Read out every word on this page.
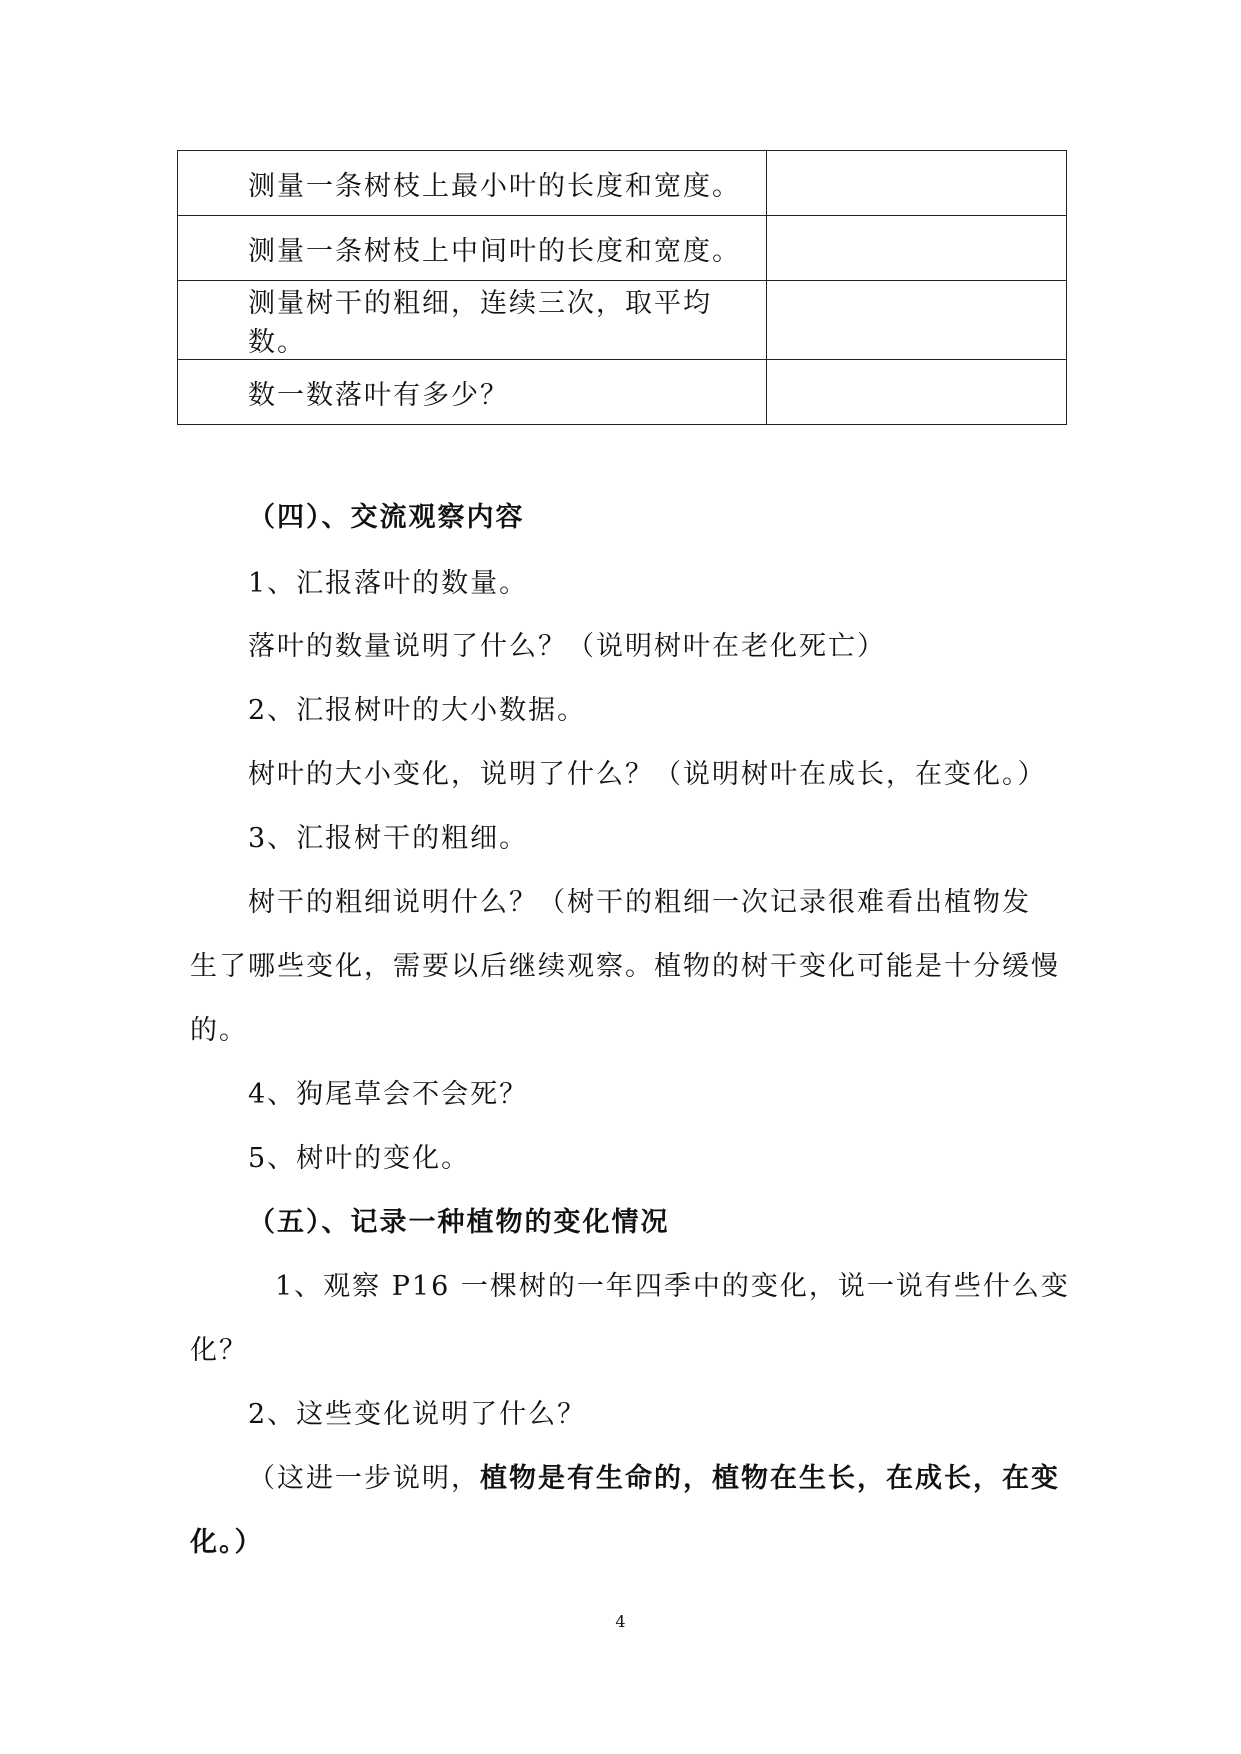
测量一条树枝上最小叶的长度和宽度。	
测量一条树枝上中间叶的长度和宽度。	
测量树干的粗细，连续三次，取平均数。	
数一数落叶有多少？	
（四）、交流观察内容
1、汇报落叶的数量。
落叶的数量说明了什么？（说明树叶在老化死亡）
2、汇报树叶的大小数据。
树叶的大小变化，说明了什么？（说明树叶在成长，在变化。）
3、汇报树干的粗细。
树干的粗细说明什么？（树干的粗细一次记录很难看出植物发
生了哪些变化，需要以后继续观察。植物的树干变化可能是十分缓慢
的。
4、狗尾草会不会死？
5、树叶的变化。
（五）、记录一种植物的变化情况
1、观察 P16 一棵树的一年四季中的变化，说一说有些什么变
化？
2、这些变化说明了什么？
（这进一步说明，植物是有生命的，植物在生长，在成长，在变
化。）
4
